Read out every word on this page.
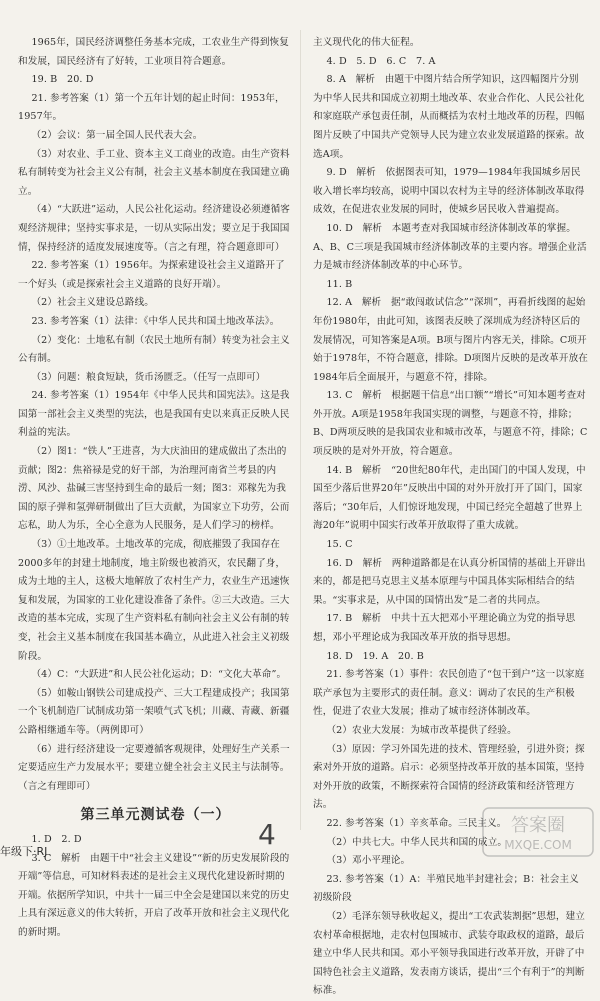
1965年，国民经济调整任务基本完成，工农业生产得到恢复和发展，国民经济有了好转，工业项目符合题意。

19. B　20. D

21. 参考答案（1）第一个五年计划的起止时间：1953年，1957年。

（2）会议：第一届全国人民代表大会。

（3）对农业、手工业、资本主义工商业的改造。由生产资料私有制转变为社会主义公有制，社会主义基本制度在我国建立确立。

（4）“大跃进”运动，人民公社化运动。经济建设必须遵循客观经济规律；坚持实事求是，一切从实际出发；要立足于我国国情，保持经济的适度发展速度等。（言之有理，符合题意即可）

22. 参考答案（1）1956年。为探索建设社会主义道路开了一个好头（或是探索社会主义道路的良好开端）。

（2）社会主义建设总路线。

23. 参考答案（1）法律：《中华人民共和国土地改革法》。

（2）变化：土地私有制（农民土地所有制）转变为社会主义公有制。

（3）问题：粮食短缺，货币汤匮乏。（任写一点即可）

24. 参考答案（1）1954年《中华人民共和国宪法》。这是我国第一部社会主义类型的宪法，也是我国有史以来真正反映人民利益的宪法。

（2）图1：“铁人”王进喜，为大庆油田的建成做出了杰出的贡献；图2：焦裕禄是党的好干部，为治理河南省兰考县的内涝、风沙、盐碱三害坚持到生命的最后一刻；图3：邓稼先为我国的原子弹和氢弹研制做出了巨大贡献，为国家立下功劳，公而忘私，助人为乐，全心全意为人民服务，是人们学习的榜样。

（3）①土地改革。土地改革的完成，彻底摧毁了我国存在2000多年的封建土地制度，地主阶级也被消灭，农民翻了身，成为土地的主人，这极大地解放了农村生产力，农业生产迅速恢复和发展，为国家的工业化建设准备了条件。②三大改造。三大改造的基本完成，实现了生产资料私有制向社会主义公有制的转变，社会主义基本制度在我国基本确立，从此进入社会主义初级阶段。

（4）C：“大跃进”和人民公社化运动；D：“文化大革命”。

（5）如鞍山钢铁公司建成投产、三大工程建成投产；我国第一个飞机制造厂试制成功第一架喷气式飞机；川藏、青藏、新疆公路相继通车等。（两例即可）

（6）进行经济建设一定要遵循客观规律，处理好生产关系一定要适应生产力发展水平；要建立健全社会主义民主与法制等。（言之有理即可）

第三单元测试卷（一）

1. D　2. D

3. C　解析　由题干中“社会主义建设”“新的历史发展阶段的开端”等信息，可知材料表述的是社会主义现代化建设新时期的开端。依据所学知识，中共十一届三中全会是建国以来党的历史上具有深远意义的伟大转折，开启了改革开放和社会主义现代化的新时期。

主义现代化的伟大征程。

4. D　5. D　6. C　7. A

8. A　解析　由题干中图片结合所学知识，这四幅图片分别为中华人民共和国成立初期土地改革、农业合作化、人民公社化和家庭联产承包责任制，从而概括为农村土地改革的历程，四幅图片反映了中国共产党领导人民为建立农业发展道路的探索。故选A项。

9. D　解析　依据图表可知，1979—1984年我国城乡居民收入增长率均较高，说明中国以农村为主导的经济体制改革取得成效，在促进农业发展的同时，使城乡居民收入普遍提高。

10. D　解析　本题考查对我国城市经济体制改革的掌握。A、B、C三项是我国城市经济体制改革的主要内容。增强企业活力是城市经济体制改革的中心环节。

11. B

12. A　解析　据“敢闯敢试信念”“深圳”，再看折线图的起始年份1980年，由此可知，该图表反映了深圳成为经济特区后的发展情况，可知答案是A项。B项与图片内容无关，排除。C项开始于1978年，不符合题意，排除。D项图片反映的是改革开放在1984年后全面展开，与题意不符，排除。

13. C　解析　根据题干信息“出口额”“增长”可知本题考查对外开放。A项是1958年我国实现的调整，与题意不符，排除；B、D两项反映的是我国农业和城市改革，与题意不符，排除；C项反映的是对外开放，符合题意。

14. B　解析　“20世纪80年代，走出国门的中国人发现，中国至少落后世界20年”反映出中国的对外开放打开了国门，国家落后；“30年后，人们惊讶地发现，中国已经完全超越了世界上海20年”说明中国实行改革开放取得了重大成就。

15. C

16. D　解析　两种道路都是在认真分析国情的基础上开辟出来的，都是把马克思主义基本原理与中国具体实际相结合的结果。“实事求是，从中国的国情出发”是二者的共同点。

17. B　解析　中共十五大把邓小平理论确立为党的指导思想，邓小平理论成为我国改革开放的指导思想。

18. D　19. A　20. B

21. 参考答案（1）事件：农民创造了“包干到户”这一以家庭联产承包为主要形式的责任制。意义：调动了农民的生产积极性，促进了农业大发展；推动了城市经济体制改革。

（2）农业大发展：为城市改革提供了经验。

（3）原因：学习外国先进的技术、管理经验，引进外资；探索对外开放的道路。启示：必须坚持改革开放的基本国策，坚持对外开放的政策，不断探索符合国情的经济政策和经济管理方法。

22. 参考答案（1）辛亥革命。三民主义。

（2）中共七大。中华人民共和国的成立。

（3）邓小平理论。

23. 参考答案（1）A：半殖民地半封建社会；B：社会主义初级阶段

（2）毛泽东领导秋收起义，提出“工农武装割据”思想，建立农村革命根据地，走农村包围城市、武装夺取政权的道路，最后建立中华人民共和国。邓小平领导我国进行改革开放，开辟了中国特色社会主义道路，发表南方谈话，提出“三个有利于”的判断标准。

年级下·RJ
4	答案圈
MXQE.COM
